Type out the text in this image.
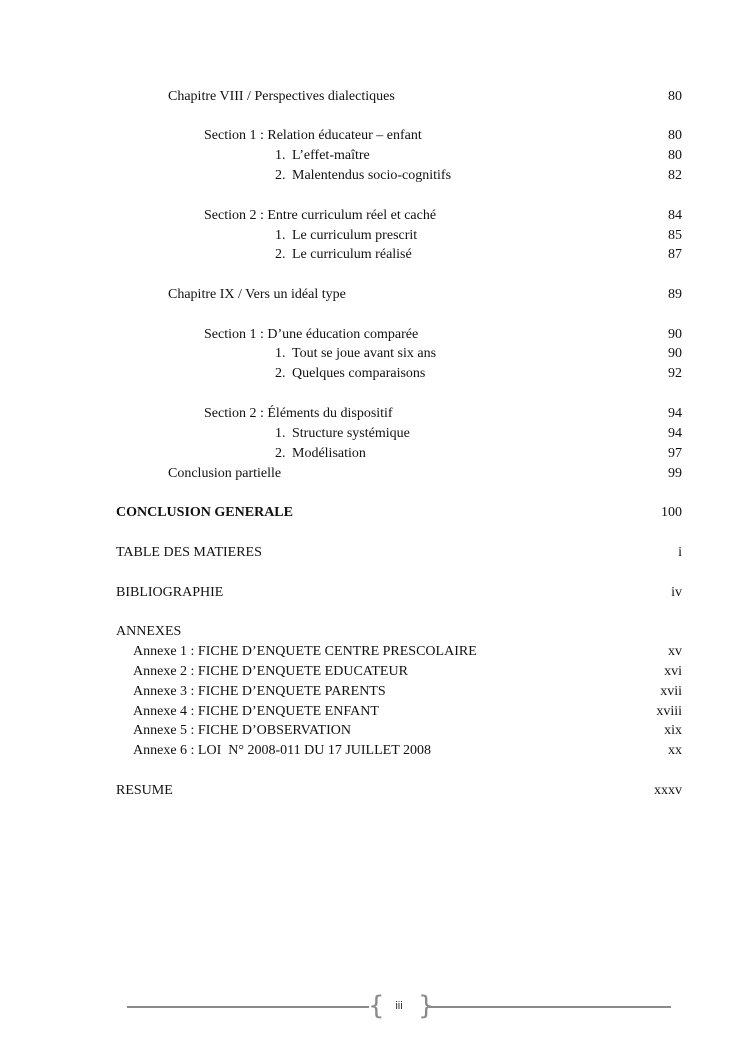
Chapitre VIII / Perspectives dialectiques	80
Section 1 : Relation éducateur – enfant	80
1. L’effet-maître	80
2. Malentendus socio-cognitifs	82
Section 2 : Entre curriculum réel et caché	84
1. Le curriculum prescrit	85
2. Le curriculum réalisé	87
Chapitre IX / Vers un idéal type	89
Section 1 : D’une éducation comparée	90
1. Tout se joue avant six ans	90
2. Quelques comparaisons	92
Section 2 : Éléments du dispositif	94
1. Structure systémique	94
2. Modélisation	97
Conclusion partielle	99
CONCLUSION GENERALE	100
TABLE DES MATIERES	i
BIBLIOGRAPHIE	iv
ANNEXES
Annexe 1 : FICHE D’ENQUETE CENTRE PRESCOLAIRE	xv
Annexe 2 : FICHE D’ENQUETE EDUCATEUR	xvi
Annexe 3 : FICHE D’ENQUETE PARENTS	xvii
Annexe 4 : FICHE D’ENQUETE ENFANT	xviii
Annexe 5 : FICHE D’OBSERVATION	xix
Annexe 6 : LOI  N° 2008-011 DU 17 JUILLET 2008	xx
RESUME	xxxv
{ }
iii
